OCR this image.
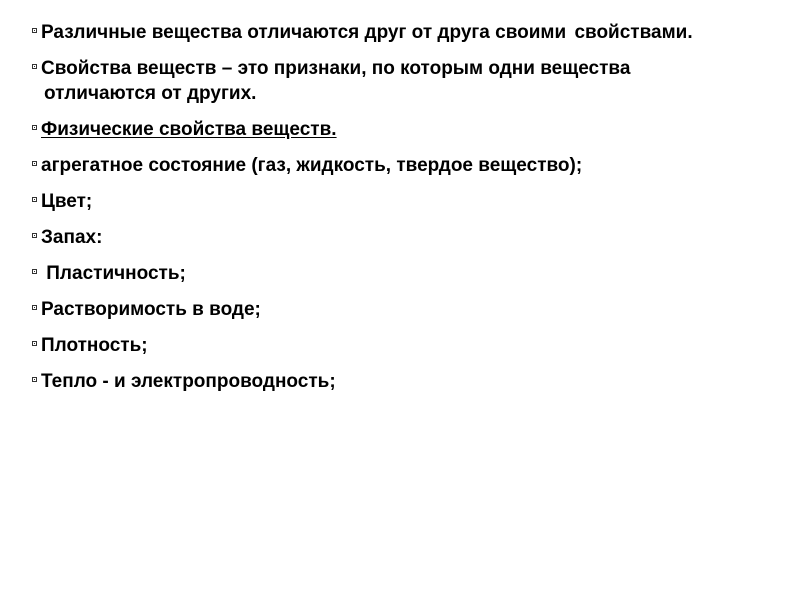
Различные вещества отличаются друг от друга своими свойствами.
Свойства веществ – это признаки, по которым одни вещества отличаются от других.
Физические свойства веществ.
агрегатное состояние (газ, жидкость, твердое вещество);
Цвет;
Запах:
Пластичность;
Растворимость в воде;
Плотность;
Тепло - и электропроводность;
